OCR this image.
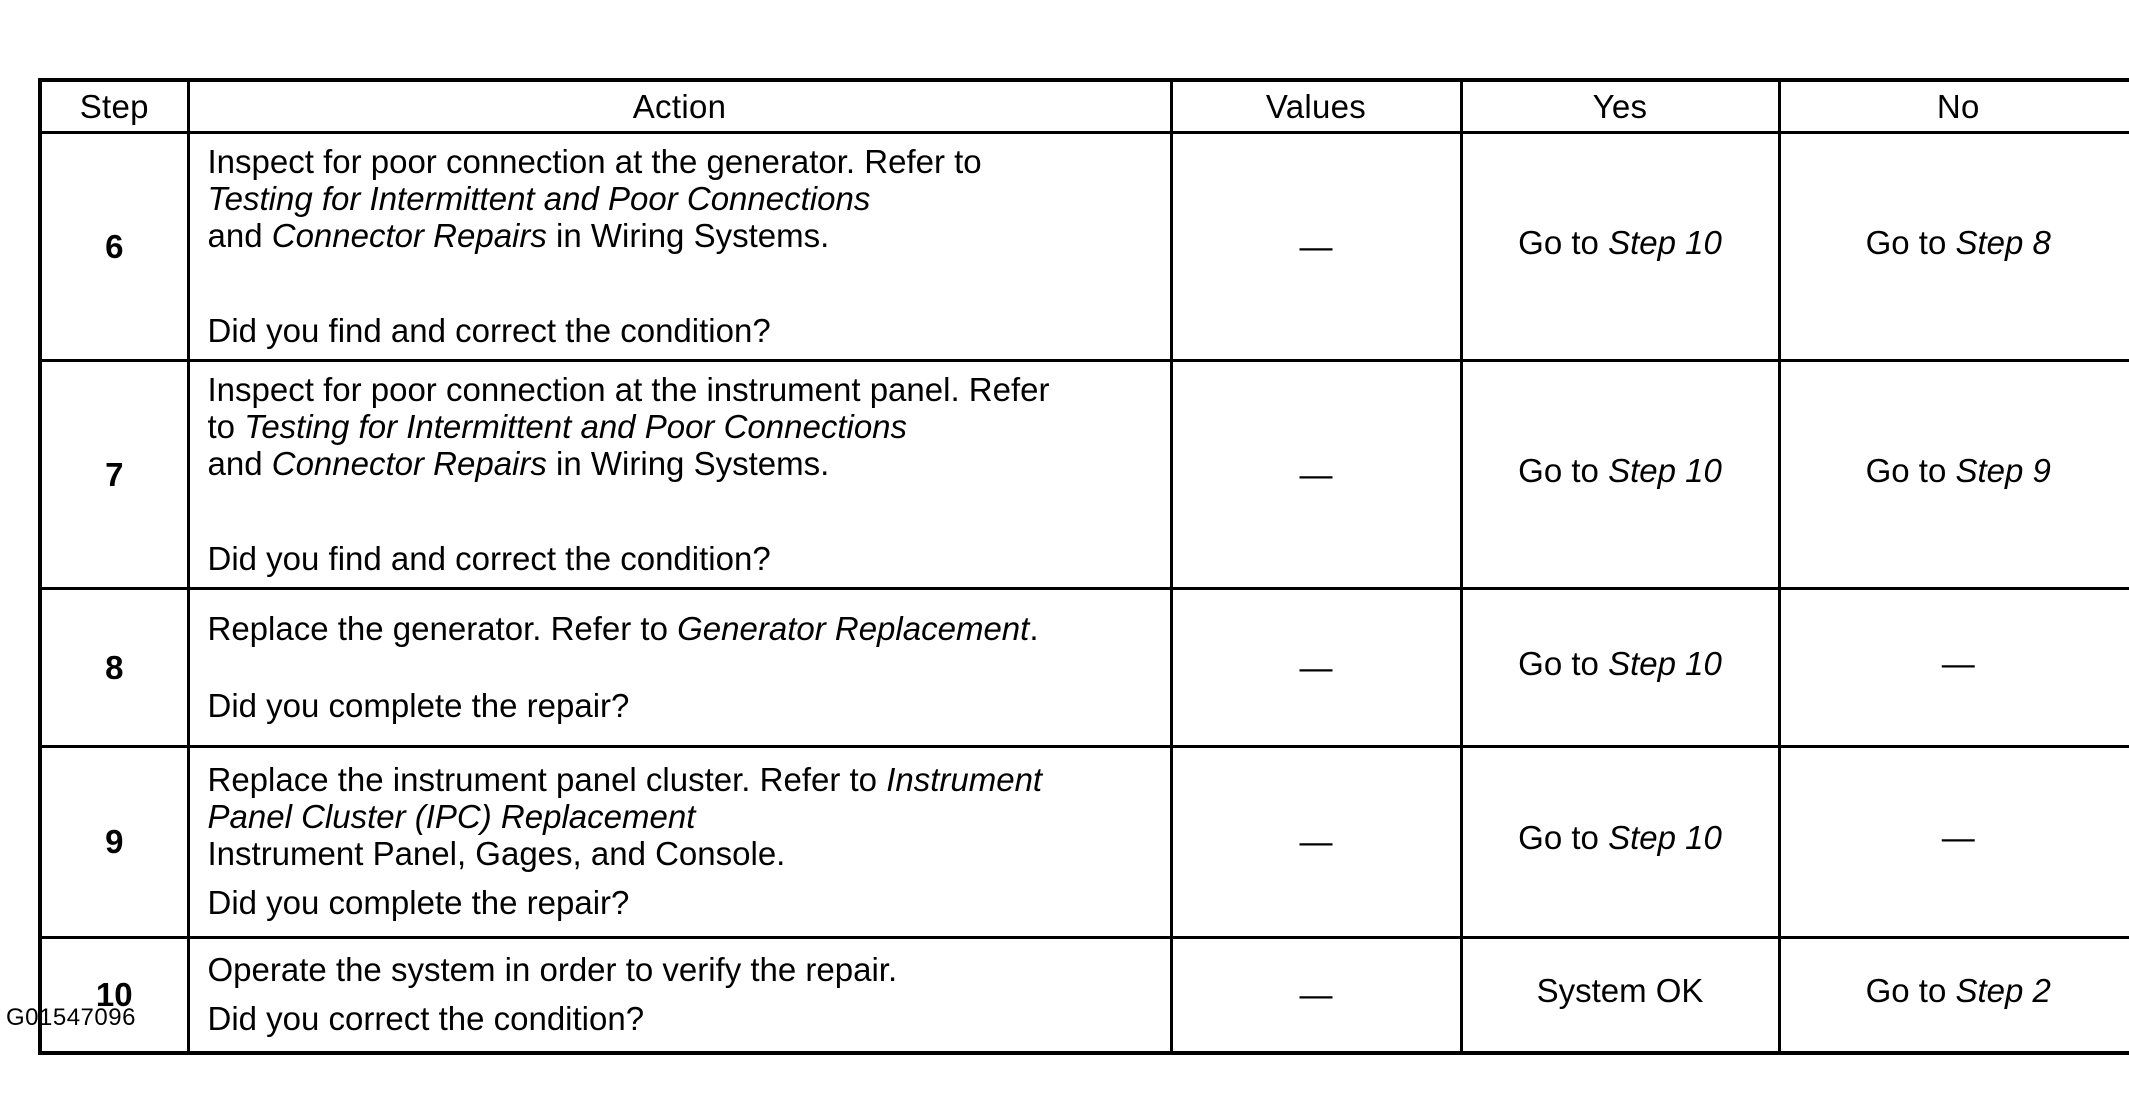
Step	Action	Values	Yes	No
6	Inspect for poor connection at the generator. Refer to
Testing for Intermittent and Poor Connections
and Connector Repairs in Wiring Systems.
Did you find and correct the condition?	—	Go to Step 10	Go to Step 8
7	Inspect for poor connection at the instrument panel. Refer
to Testing for Intermittent and Poor Connections
and Connector Repairs in Wiring Systems.
Did you find and correct the condition?	—	Go to Step 10	Go to Step 9
8	Replace the generator. Refer to Generator Replacement.
Did you complete the repair?	—	Go to Step 10	—
9	Replace the instrument panel cluster. Refer to Instrument
Panel Cluster (IPC) Replacement
Instrument Panel, Gages, and Console.
Did you complete the repair?	—	Go to Step 10	—
10	Operate the system in order to verify the repair.
Did you correct the condition?	—	System OK	Go to Step 2
G01547096
